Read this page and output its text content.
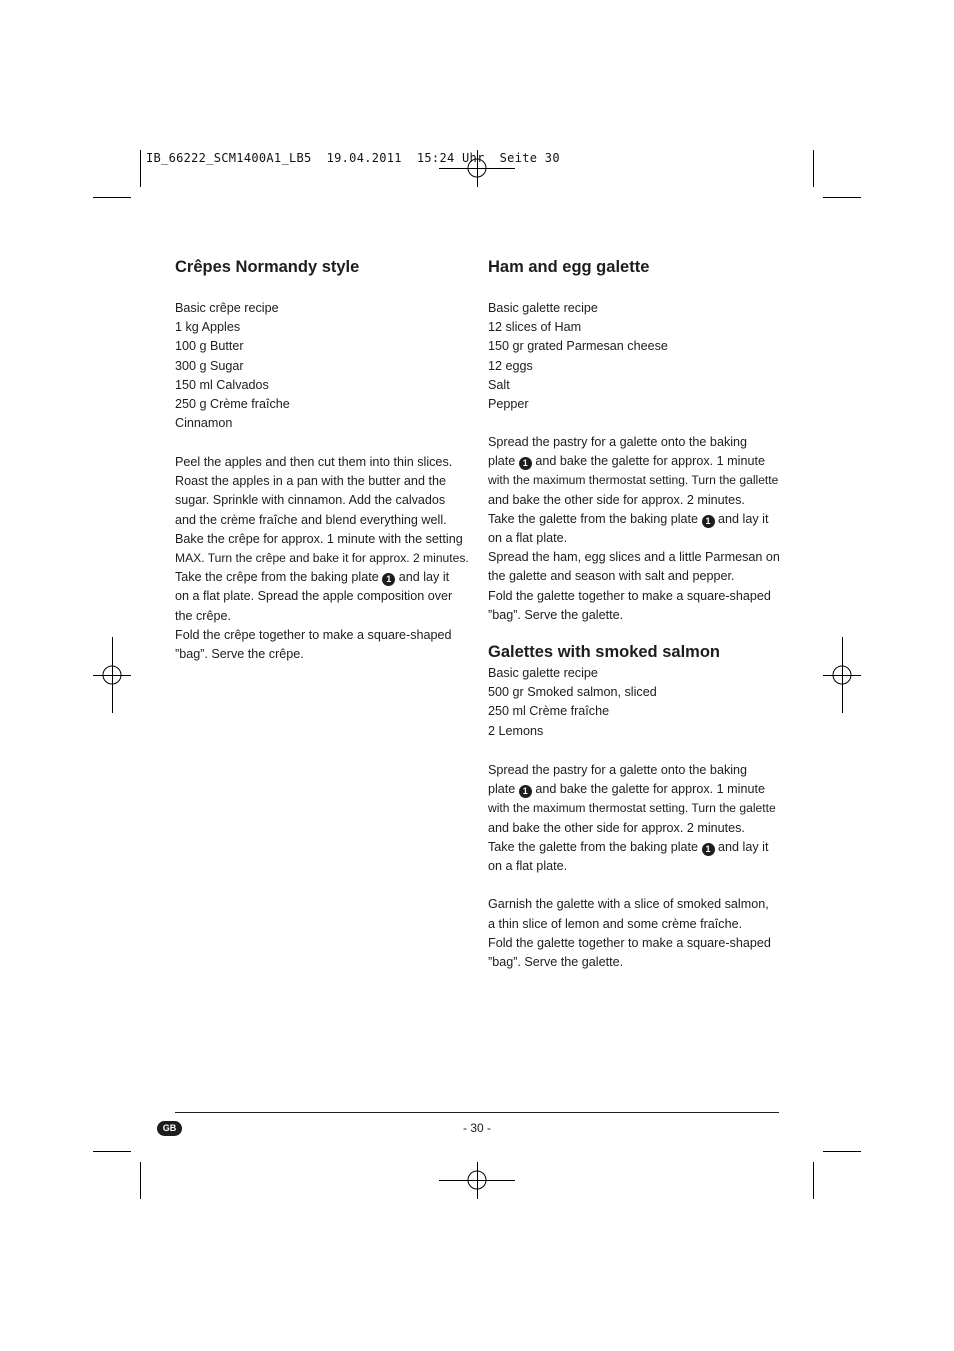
IB_66222_SCM1400A1_LB5  19.04.2011  15:24 Uhr  Seite 30
Crêpes Normandy style
Basic crêpe recipe
1 kg Apples
100 g Butter
300 g Sugar
150 ml Calvados
250 g Crème fraîche
Cinnamon
Peel the apples and then cut them into thin slices.
Roast the apples in a pan with the butter and the
sugar. Sprinkle with cinnamon. Add the calvados
and the crème fraîche and blend everything well.
Bake the crêpe for approx. 1 minute with the setting
MAX. Turn the crêpe and bake it for approx. 2 minutes.
Take the crêpe from the baking plate 1 and lay it
on a flat plate. Spread the apple composition over
the crêpe.
Fold the crêpe together to make a square-shaped
”bag”. Serve the crêpe.
Ham and egg galette
Basic galette recipe
12 slices of Ham
150 gr grated Parmesan cheese
12 eggs
Salt
Pepper
Spread the pastry for a galette onto the baking
plate 1 and bake the galette for approx. 1 minute
with the maximum thermostat setting. Turn the gallette
and bake the other side for approx. 2 minutes.
Take the galette from the baking plate 1 and lay it
on a flat plate.
Spread the ham, egg slices and a little Parmesan on
the galette and season with salt and pepper.
Fold the galette together to make a square-shaped
”bag”. Serve the galette.
Galettes with smoked salmon
Basic galette recipe
500 gr Smoked salmon, sliced
250 ml Crème fraîche
2 Lemons
Spread the pastry for a galette onto the baking
plate 1 and bake the galette for approx. 1 minute
with the maximum thermostat setting. Turn the galette
and bake the other side for approx. 2 minutes.
Take the galette from the baking plate 1 and lay it
on a flat plate.
Garnish the galette with a slice of smoked salmon,
a thin slice of lemon and some crème fraîche.
Fold the galette together to make a square-shaped
”bag”. Serve the galette.
GB	- 30 -
